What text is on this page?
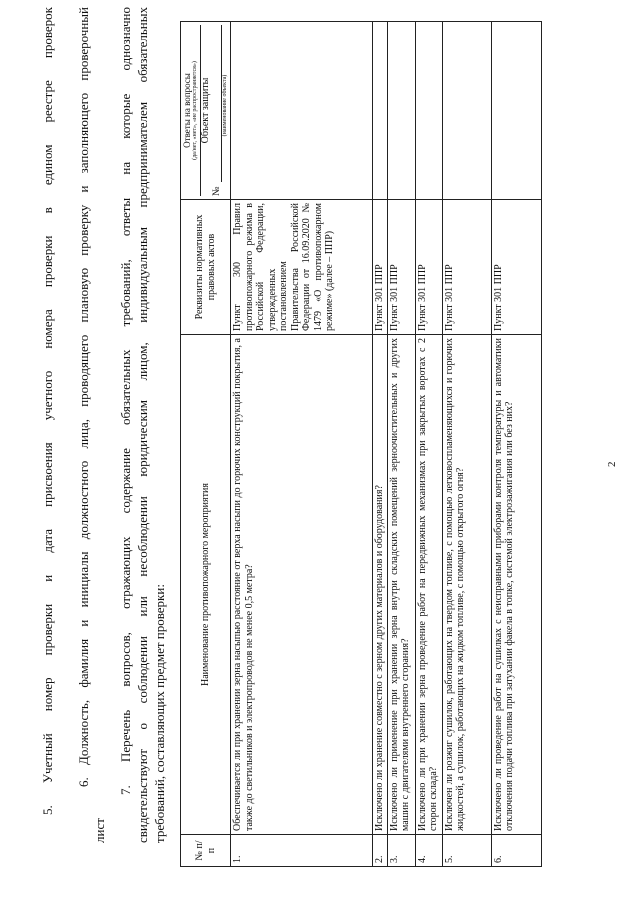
2
5. Учетный номер проверки и дата присвоения учетного номера проверки в едином реестре проверок 6. Должность, фамилия и инициалы должностного лица, проводящего плановую проверку и заполняющего проверочный
лист
7. Перечень вопросов, отражающих содержание обязательных требований, ответы на которые однозначно свидетельствуют о соблюдении или несоблюдении юридическим лицом, индивидуальным предпринимателем обязательных требований, составляющих предмет проверки:
№ п/п	Наименование противопожарного мероприятия	Реквизиты нормативных правовых актов	Ответы на вопросы (да/нет, «нет», «не распространяется») Объект защиты
№
(наименование объекта)

1.	Обеспечивается ли при хранении зерна насыпью расстояние от верха насыпи до горючих конструкций покрытия, а также до светильников и электропроводов не менее 0,5 метра?	Пункт 300 Правил противопожарного режима в Российской Федерации, утвержденных постановлением Правительства Российской Федерации от 16.09.2020 № 1479 «О противопожарном режиме» (далее – ППР)	
2.	Исключено ли хранение совместно с зерном других материалов и оборудования?	Пункт 301 ППР	
3.	Исключено ли применение при хранении зерна внутри складских помещений зерноочистительных и других машин с двигателями внутреннего сгорания?	Пункт 301 ППР	
4.	Исключено ли при хранении зерна проведение работ на передвижных механизмах при закрытых воротах с 2 сторон склада?	Пункт 301 ППР	
5.	Исключен ли розжиг сушилок, работающих на твердом топливе, с помощью легковоспламеняющихся и горючих жидкостей, а сушилок, работающих на жидком топливе, с помощью открытого огня?	Пункт 301 ППР	
6.	Исключено ли проведение работ на сушилках с неисправными приборами контроля температуры и автоматики отключения подачи топлива при затухании факела в топке, системой электрозажигания или без них?	Пункт 301 ППР	
